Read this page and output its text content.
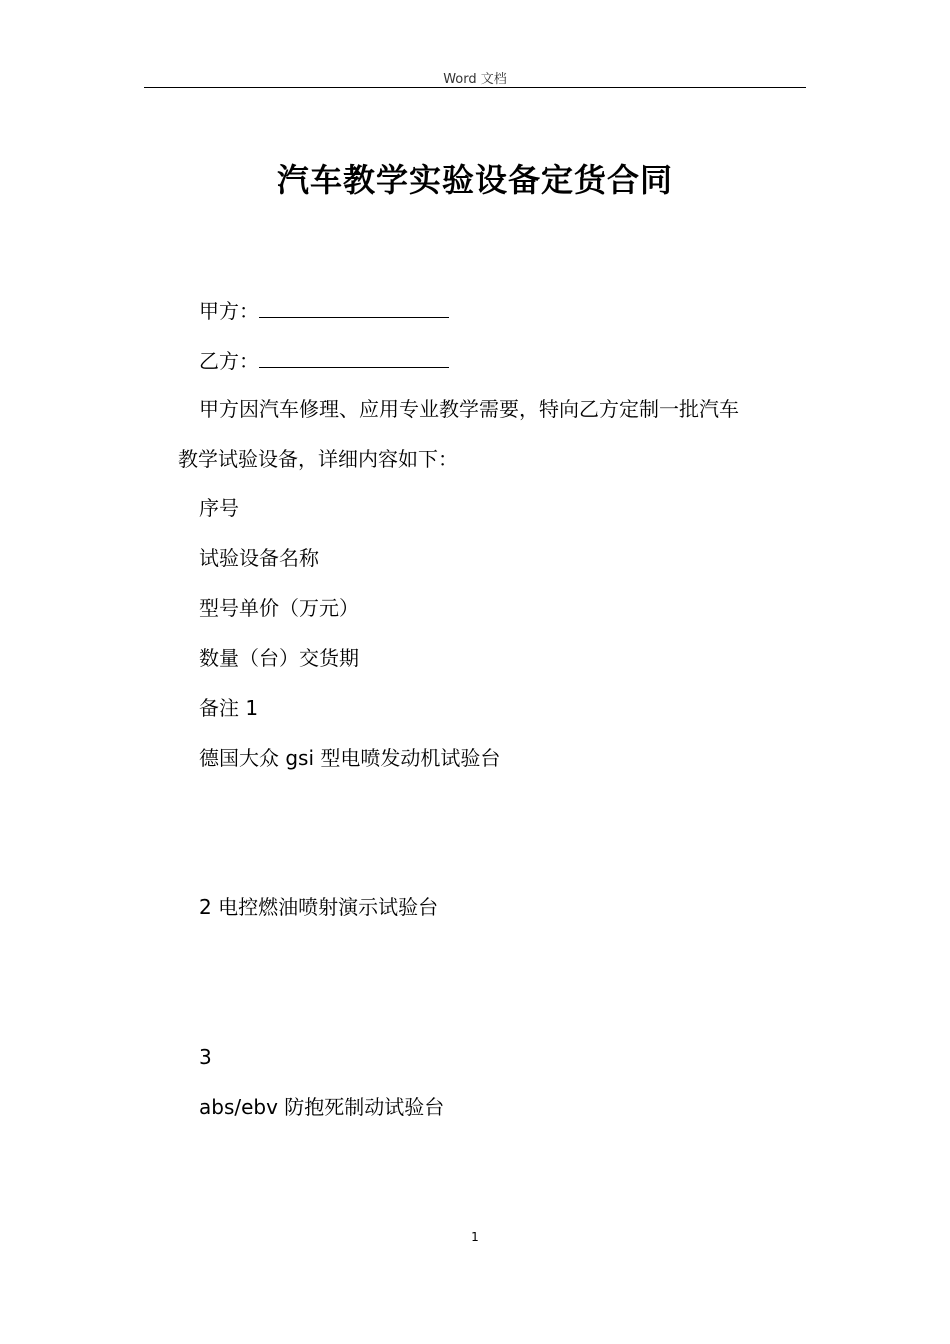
Word 文档
汽车教学实验设备定货合同
甲方：
乙方：
甲方因汽车修理、应用专业教学需要，特向乙方定制一批汽车
教学试验设备，详细内容如下：
序号
试验设备名称
型号单价（万元）
数量（台）交货期
备注 1
德国大众 gsi 型电喷发动机试验台
2 电控燃油喷射演示试验台
3
abs/ebv 防抱死制动试验台
1
